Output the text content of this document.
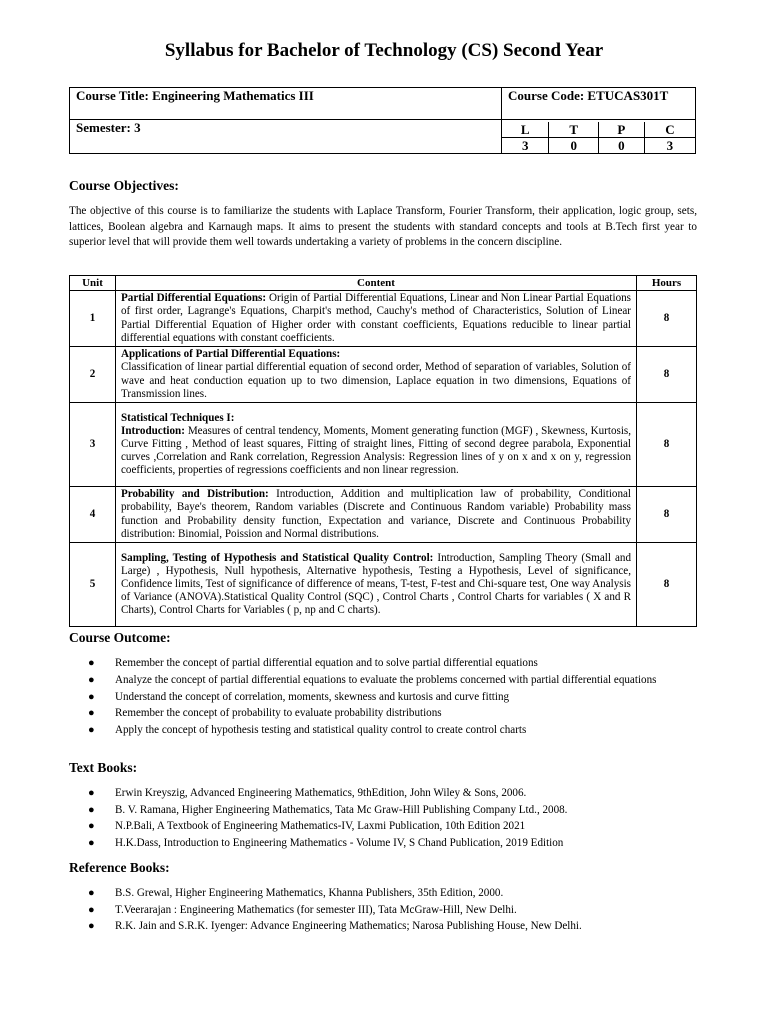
Syllabus for Bachelor of Technology (CS) Second Year
Course Title: Engineering Mathematics III	Course Code: ETUCAS301T
Semester: 3		L	T	P	C
3	0	0	3
Course Objectives:
The objective of this course is to familiarize the students with Laplace Transform, Fourier Transform, their application, logic group, sets, lattices, Boolean algebra and Karnaugh maps. It aims to present the students with standard concepts and tools at B.Tech first year to superior level that will provide them well towards undertaking a variety of problems in the concern discipline.
Unit	Content	Hours
1	Partial Differential Equations: Origin of Partial Differential Equations, Linear and Non Linear Partial Equations of first order, Lagrange's Equations, Charpit's method, Cauchy's method of Characteristics, Solution of Linear Partial Differential Equation of Higher order with constant coefficients, Equations reducible to linear partial differential equations with constant coefficients.	8
2	Applications of Partial Differential Equations:
Classification of linear partial differential equation of second order, Method of separation of variables, Solution of wave and heat conduction equation up to two dimension, Laplace equation in two dimensions, Equations of Transmission lines.	8
3	Statistical Techniques I:
Introduction: Measures of central tendency, Moments, Moment generating function (MGF) , Skewness, Kurtosis, Curve Fitting , Method of least squares, Fitting of straight lines, Fitting of second degree parabola, Exponential curves ,Correlation and Rank correlation, Regression Analysis: Regression lines of y on x and x on y, regression coefficients, properties of regressions coefficients and non linear regression.	8
4	Probability and Distribution: Introduction, Addition and multiplication law of probability, Conditional probability, Baye's theorem, Random variables (Discrete and Continuous Random variable) Probability mass function and Probability density function, Expectation and variance, Discrete and Continuous Probability distribution: Binomial, Poission and Normal distributions.	8
5	Sampling, Testing of Hypothesis and Statistical Quality Control: Introduction, Sampling Theory (Small and Large) , Hypothesis, Null hypothesis, Alternative hypothesis, Testing a Hypothesis, Level of significance, Confidence limits, Test of significance of difference of means, T-test, F-test and Chi-square test, One way Analysis of Variance (ANOVA).Statistical Quality Control (SQC) , Control Charts , Control Charts for variables ( X and R Charts), Control Charts for Variables ( p, np and C charts).	8
Course Outcome:
● Remember the concept of partial differential equation and to solve partial differential equations
● Analyze the concept of partial differential equations to evaluate the problems concerned with partial differential equations
● Understand the concept of correlation, moments, skewness and kurtosis and curve fitting
● Remember the concept of probability to evaluate probability distributions
● Apply the concept of hypothesis testing and statistical quality control to create control charts
Text Books:
● Erwin Kreyszig, Advanced Engineering Mathematics, 9thEdition, John Wiley & Sons, 2006.
● B. V. Ramana, Higher Engineering Mathematics, Tata Mc Graw-Hill Publishing Company Ltd., 2008.
● N.P.Bali, A Textbook of Engineering Mathematics-IV, Laxmi Publication, 10th Edition 2021
● H.K.Dass, Introduction to Engineering Mathematics - Volume IV, S Chand Publication, 2019 Edition
Reference Books:
● B.S. Grewal, Higher Engineering Mathematics, Khanna Publishers, 35th Edition, 2000.
● T.Veerarajan : Engineering Mathematics (for semester III), Tata McGraw-Hill, New Delhi.
● R.K. Jain and S.R.K. Iyenger: Advance Engineering Mathematics; Narosa Publishing House, New Delhi.
